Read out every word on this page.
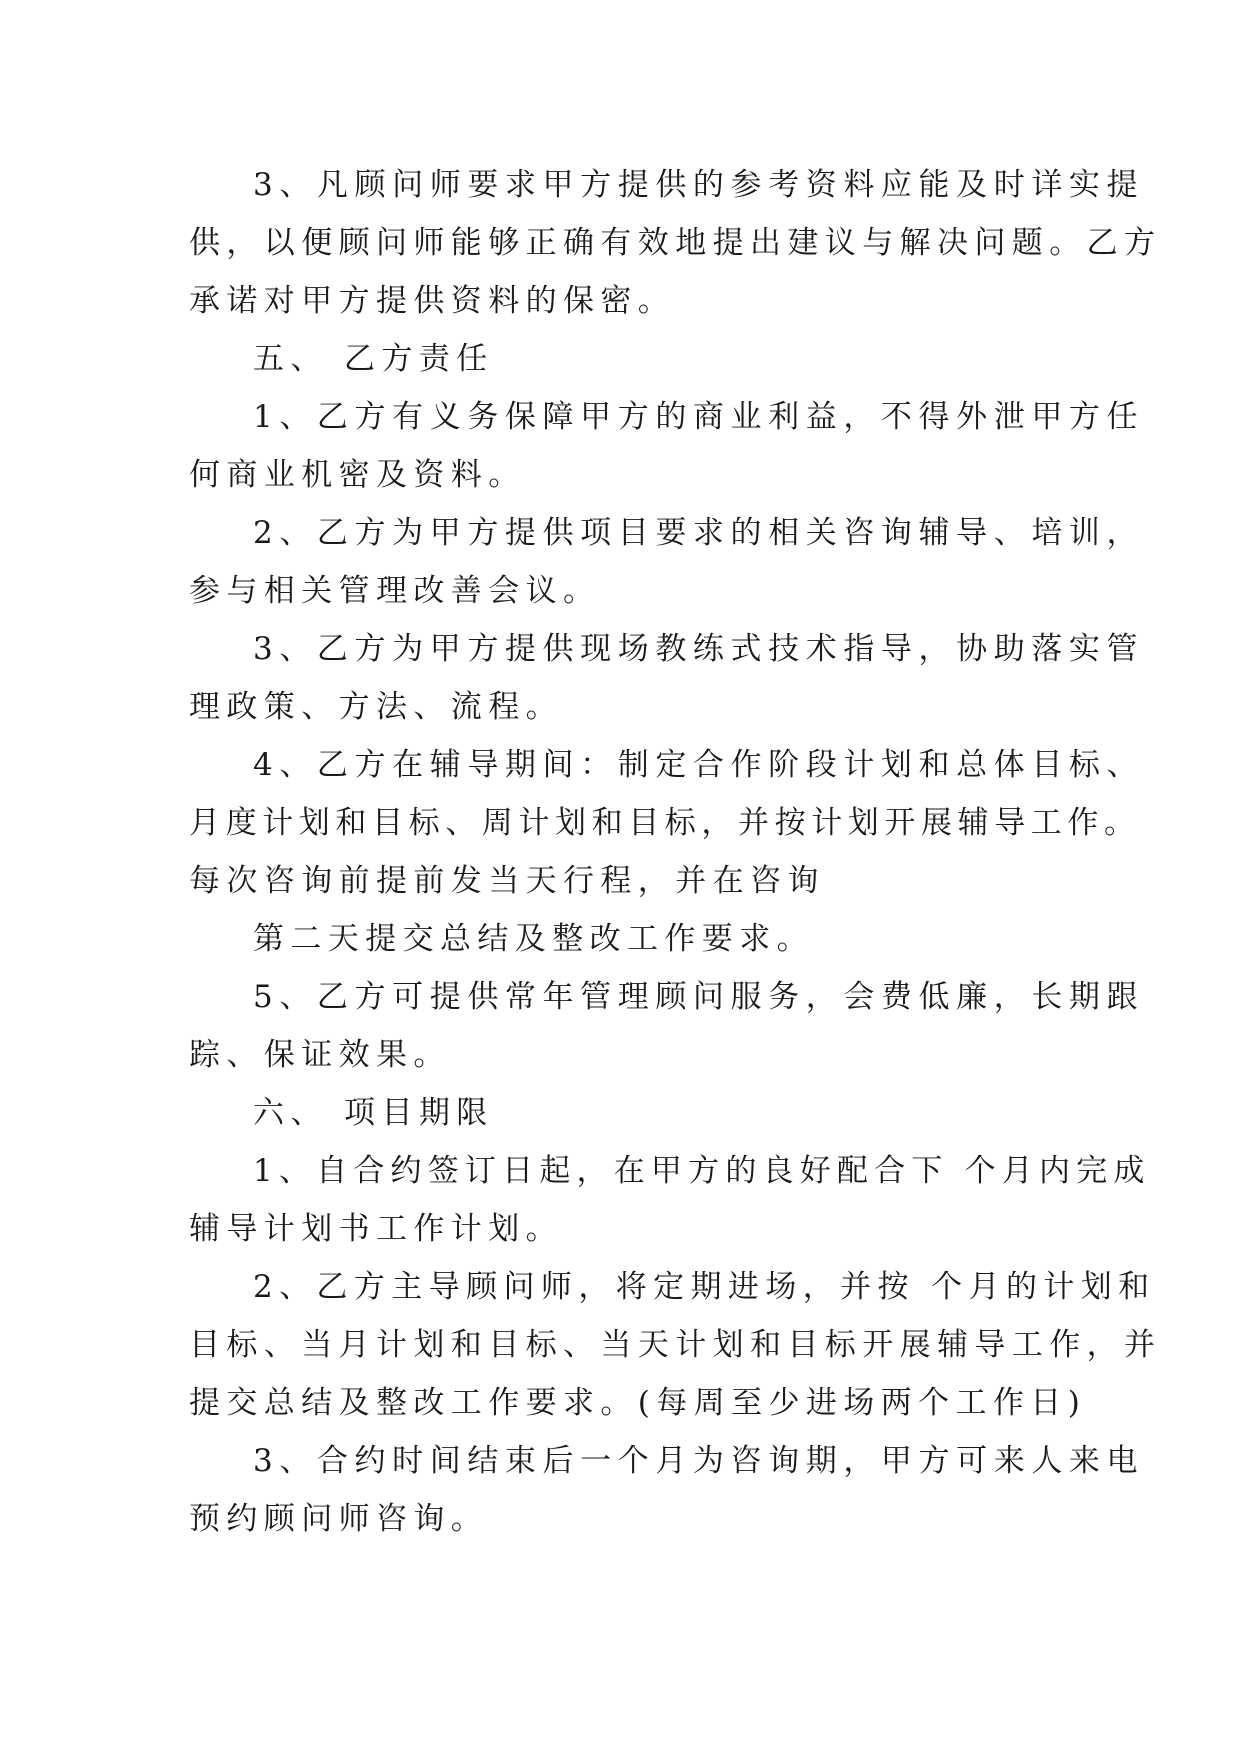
3、凡顾问师要求甲方提供的参考资料应能及时详实提

供，以便顾问师能够正确有效地提出建议与解决问题。乙方

承诺对甲方提供资料的保密。

五、 乙方责任

1、乙方有义务保障甲方的商业利益，不得外泄甲方任

何商业机密及资料。

2、乙方为甲方提供项目要求的相关咨询辅导、培训，

参与相关管理改善会议。

3、乙方为甲方提供现场教练式技术指导，协助落实管

理政策、方法、流程。

4、乙方在辅导期间：制定合作阶段计划和总体目标、

月度计划和目标、周计划和目标，并按计划开展辅导工作。

每次咨询前提前发当天行程，并在咨询

第二天提交总结及整改工作要求。

5、乙方可提供常年管理顾问服务，会费低廉，长期跟

踪、保证效果。

六、 项目期限

1、自合约签订日起，在甲方的良好配合下 个月内完成

辅导计划书工作计划。

2、乙方主导顾问师，将定期进场，并按 个月的计划和

目标、当月计划和目标、当天计划和目标开展辅导工作，并

提交总结及整改工作要求。(每周至少进场两个工作日)

3、合约时间结束后一个月为咨询期，甲方可来人来电

预约顾问师咨询。
